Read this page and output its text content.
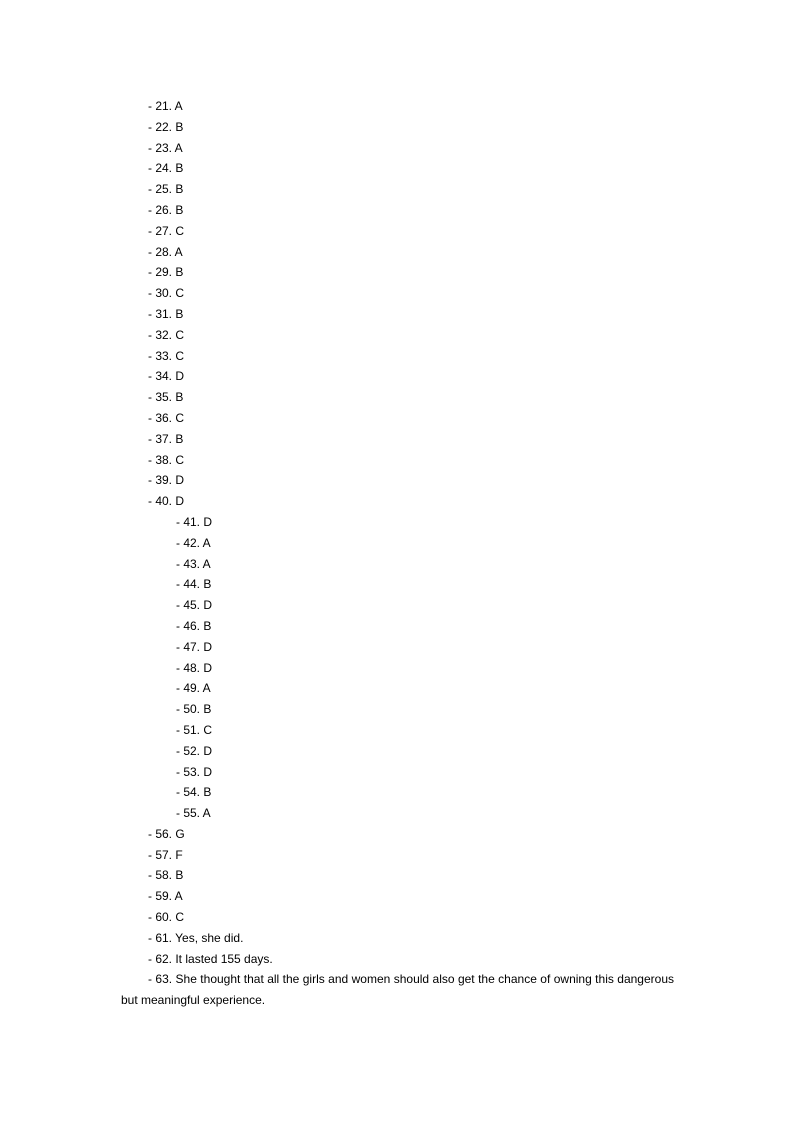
- 21. A
- 22. B
- 23. A
- 24. B
- 25. B
- 26. B
- 27. C
- 28. A
- 29. B
- 30. C
- 31. B
- 32. C
- 33. C
- 34. D
- 35. B
- 36. C
- 37. B
- 38. C
- 39. D
- 40. D
- 41. D
- 42. A
- 43. A
- 44. B
- 45. D
- 46. B
- 47. D
- 48. D
- 49. A
- 50. B
- 51. C
- 52. D
- 53. D
- 54. B
- 55. A
- 56. G
- 57. F
- 58. B
- 59. A
- 60. C
- 61. Yes, she did.
- 62. It lasted 155 days.

- 63. She thought that all the girls and women should also get the chance of owning this dangerous but meaningful experience.
